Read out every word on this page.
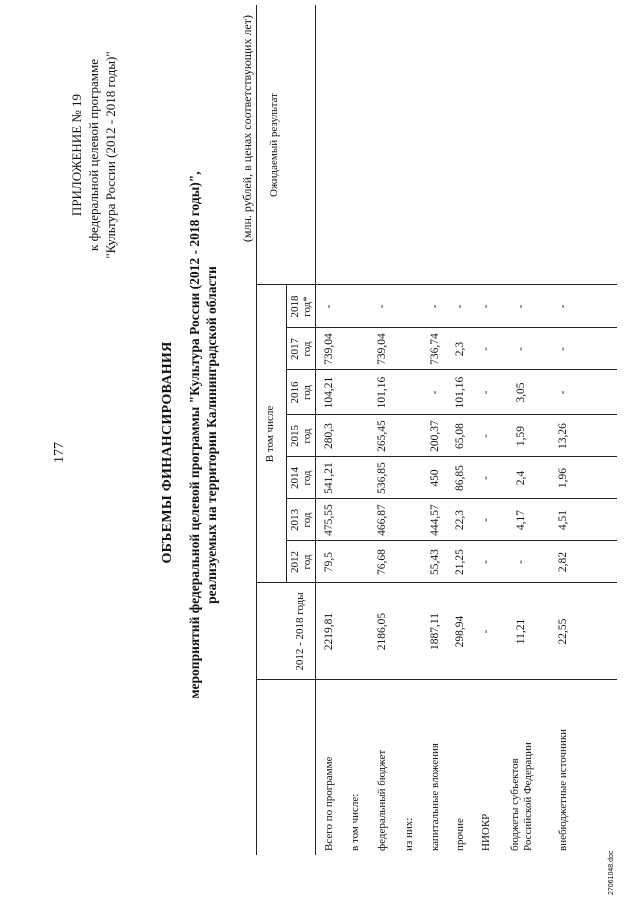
177
ПРИЛОЖЕНИЕ № 19 к федеральной целевой программе "Культура России (2012 - 2018 годы)"
ОБЪЕМЫ ФИНАНСИРОВАНИЯ мероприятий федеральной целевой программы "Культура России (2012 - 2018 годы)", реализуемых на территории Калининградской области
(млн. рублей, в ценах соответствующих лет)
2012 - 2018 годы
В том числе
Ожидаемый результат
2012 год
2013 год
2014 год
2015 год
2016 год
2017 год
2018 год*
Всего по программе
2219,81
79,5
475,55
541,21
280,3
104,21
739,04
-
в том числе: федеральный бюджет
2186,05
76,68
466,87
536,85
265,45
101,16
739,04
-
из них: капитальные вложения
1887,11
55,43
444,57
450
200,37
-
736,74
-
прочие
298,94
21,25
22,3
86,85
65,08
101,16
2,3
-
НИОКР
-
-
-
-
-
-
-
-
бюджеты субъектов Российской Федерации
11,21
-
4,17
2,4
1,59
3,05
-
-
внебюджетные источники
22,55
2,82
4,51
1,96
13,26
-
-
-
27061048.doc
